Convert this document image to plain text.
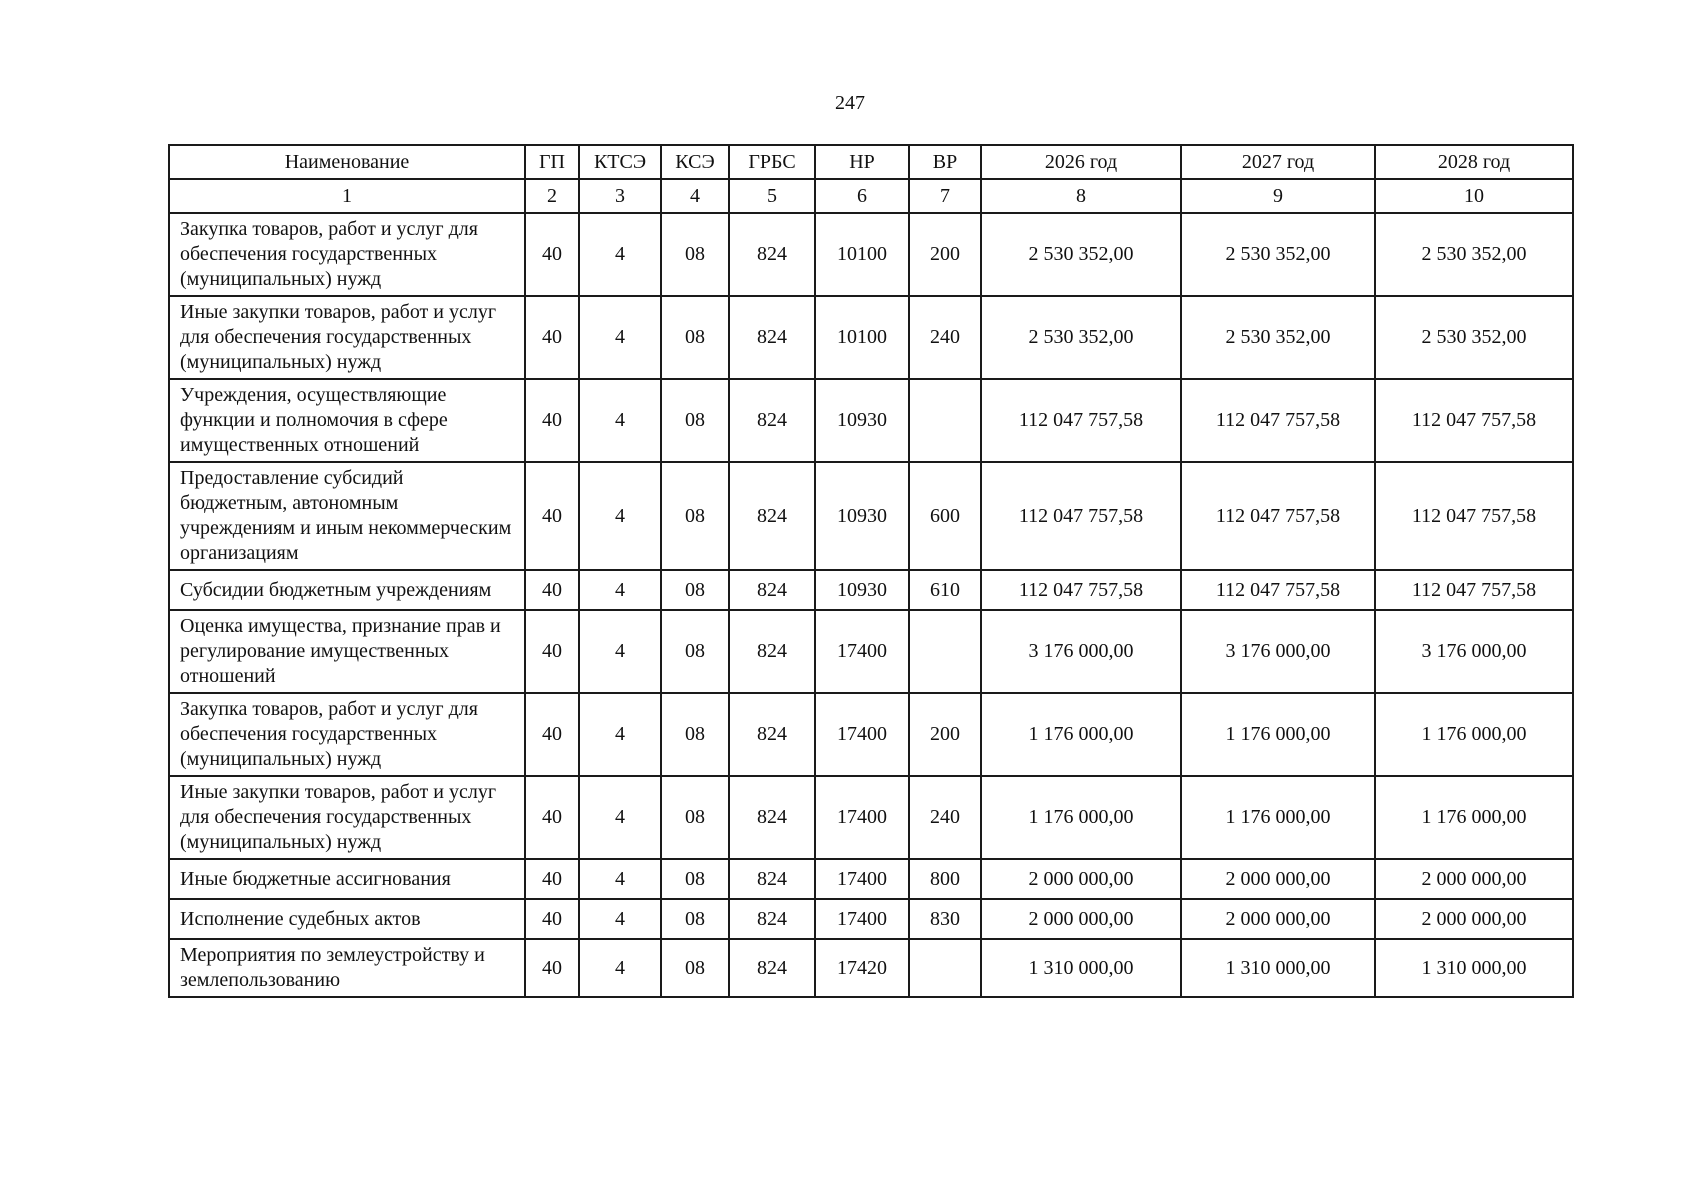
247
Наименование	ГП	КТСЭ	КСЭ	ГРБС	НР	ВР	2026 год	2027 год	2028 год
1	2	3	4	5	6	7	8	9	10
Закупка товаров, работ и услуг для обеспечения государственных (муниципальных) нужд	40	4	08	824	10100	200	2 530 352,00	2 530 352,00	2 530 352,00
Иные закупки товаров, работ и услуг для обеспечения государственных (муниципальных) нужд	40	4	08	824	10100	240	2 530 352,00	2 530 352,00	2 530 352,00
Учреждения, осуществляющие функции и полномочия в сфере имущественных отношений	40	4	08	824	10930		112 047 757,58	112 047 757,58	112 047 757,58
Предоставление субсидий бюджетным, автономным учреждениям и иным некоммерческим организациям	40	4	08	824	10930	600	112 047 757,58	112 047 757,58	112 047 757,58
Субсидии бюджетным учреждениям	40	4	08	824	10930	610	112 047 757,58	112 047 757,58	112 047 757,58
Оценка имущества, признание прав и регулирование имущественных отношений	40	4	08	824	17400		3 176 000,00	3 176 000,00	3 176 000,00
Закупка товаров, работ и услуг для обеспечения государственных (муниципальных) нужд	40	4	08	824	17400	200	1 176 000,00	1 176 000,00	1 176 000,00
Иные закупки товаров, работ и услуг для обеспечения государственных (муниципальных) нужд	40	4	08	824	17400	240	1 176 000,00	1 176 000,00	1 176 000,00
Иные бюджетные ассигнования	40	4	08	824	17400	800	2 000 000,00	2 000 000,00	2 000 000,00
Исполнение судебных актов	40	4	08	824	17400	830	2 000 000,00	2 000 000,00	2 000 000,00
Мероприятия по землеустройству и землепользованию	40	4	08	824	17420		1 310 000,00	1 310 000,00	1 310 000,00
